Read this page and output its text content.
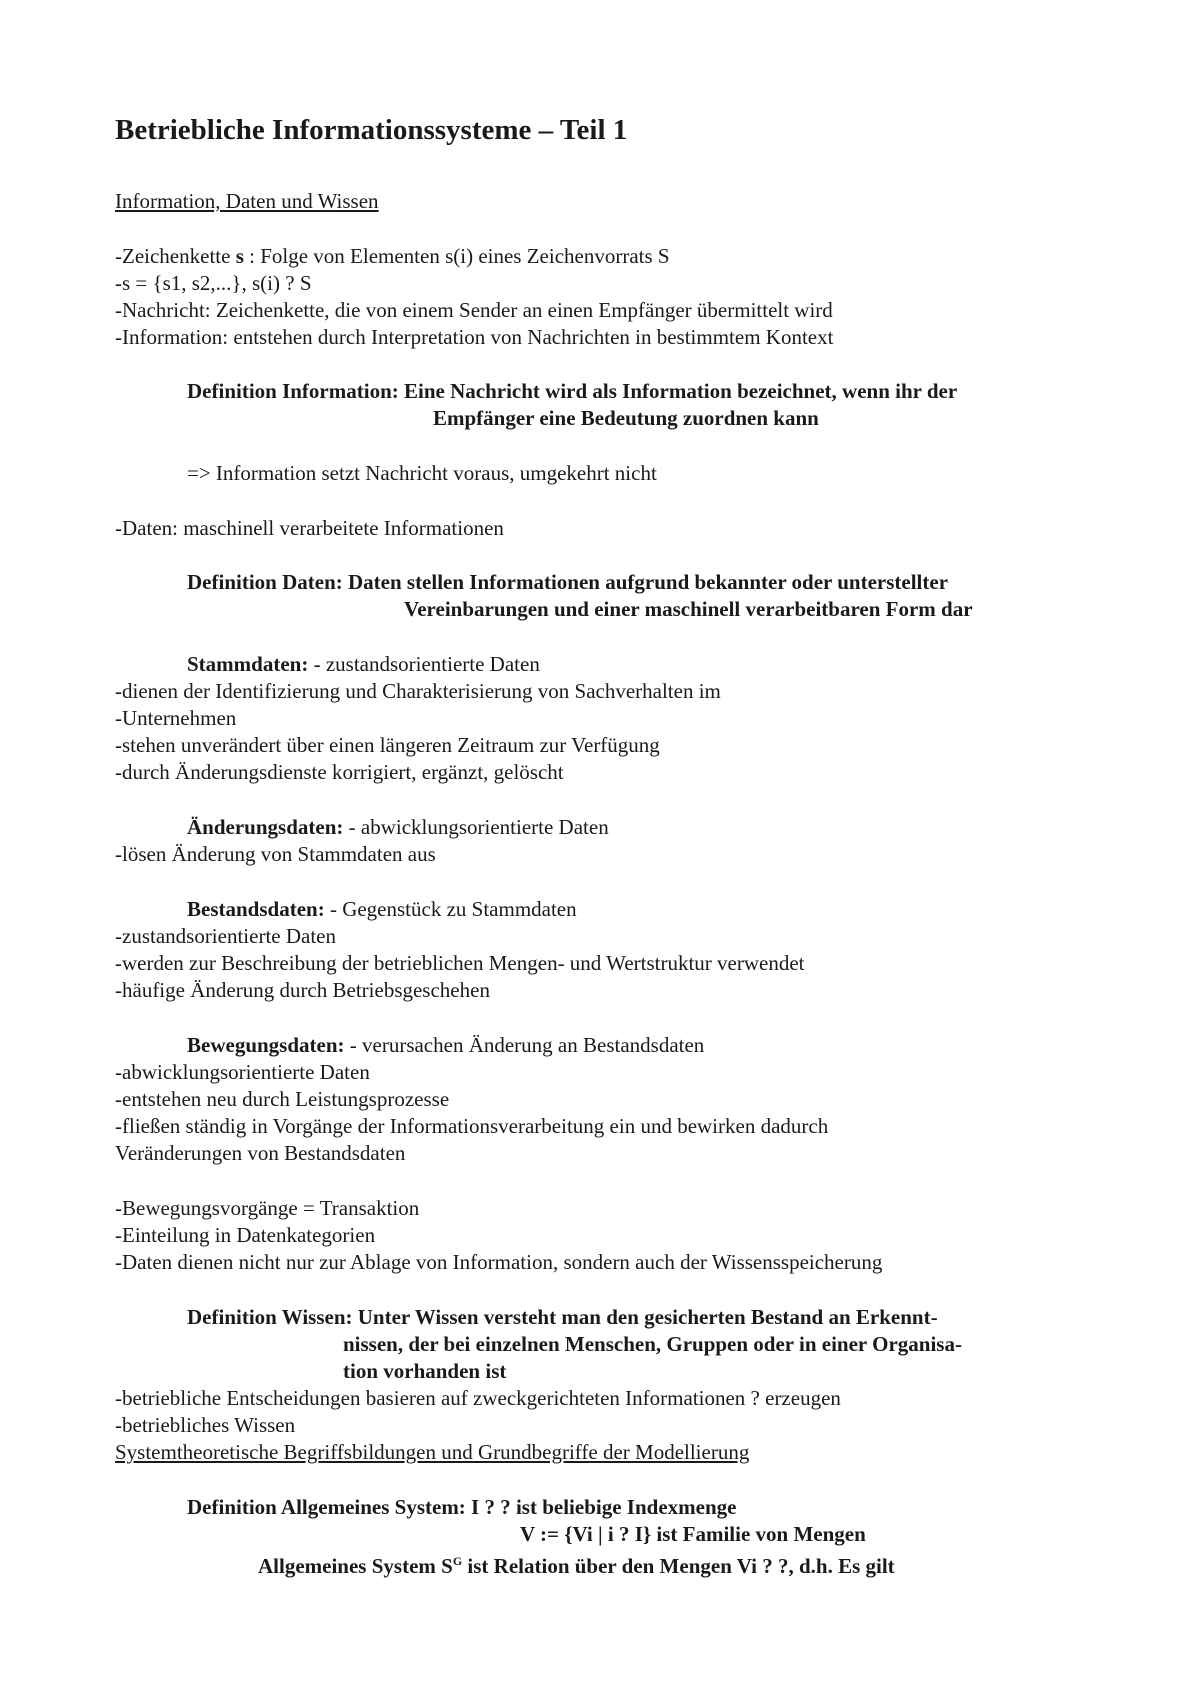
Betriebliche Informationssysteme – Teil 1
Information, Daten und Wissen
-Zeichenkette s : Folge von Elementen s(i) eines Zeichenvorrats S
-s = {s1, s2,...}, s(i) ? S
-Nachricht: Zeichenkette, die von einem Sender an einen Empfänger übermittelt wird
-Information: entstehen durch Interpretation von Nachrichten in bestimmtem Kontext
Definition Information: Eine Nachricht wird als Information bezeichnet, wenn ihr der
Empfänger eine Bedeutung zuordnen kann
=> Information setzt Nachricht voraus, umgekehrt nicht
-Daten: maschinell verarbeitete Informationen
Definition Daten: Daten stellen Informationen aufgrund bekannter oder unterstellter
Vereinbarungen und einer maschinell verarbeitbaren Form dar
Stammdaten: - zustandsorientierte Daten
-dienen der Identifizierung und Charakterisierung von Sachverhalten im
-Unternehmen
-stehen unverändert über einen längeren Zeitraum zur Verfügung
-durch Änderungsdienste korrigiert, ergänzt, gelöscht
Änderungsdaten: - abwicklungsorientierte Daten
-lösen Änderung von Stammdaten aus
Bestandsdaten: - Gegenstück zu Stammdaten
-zustandsorientierte Daten
-werden zur Beschreibung der betrieblichen Mengen- und Wertstruktur verwendet
-häufige Änderung durch Betriebsgeschehen
Bewegungsdaten: - verursachen Änderung an Bestandsdaten
-abwicklungsorientierte Daten
-entstehen neu durch Leistungsprozesse
-fließen ständig in Vorgänge der Informationsverarbeitung ein und bewirken dadurch
Veränderungen von Bestandsdaten
-Bewegungsvorgänge = Transaktion
-Einteilung in Datenkategorien
-Daten dienen nicht nur zur Ablage von Information, sondern auch der Wissensspeicherung
Definition Wissen: Unter Wissen versteht man den gesicherten Bestand an Erkennt-
nissen, der bei einzelnen Menschen, Gruppen oder in einer Organisa-
tion vorhanden ist
-betriebliche Entscheidungen basieren auf zweckgerichteten Informationen ? erzeugen
-betriebliches Wissen
Systemtheoretische Begriffsbildungen und Grundbegriffe der Modellierung
Definition Allgemeines System: I ? ? ist beliebige Indexmenge
V := {Vi | i ? I} ist Familie von Mengen
Allgemeines System $S^G$ ist Relation über den Mengen Vi ? ?, d.h. Es gilt
